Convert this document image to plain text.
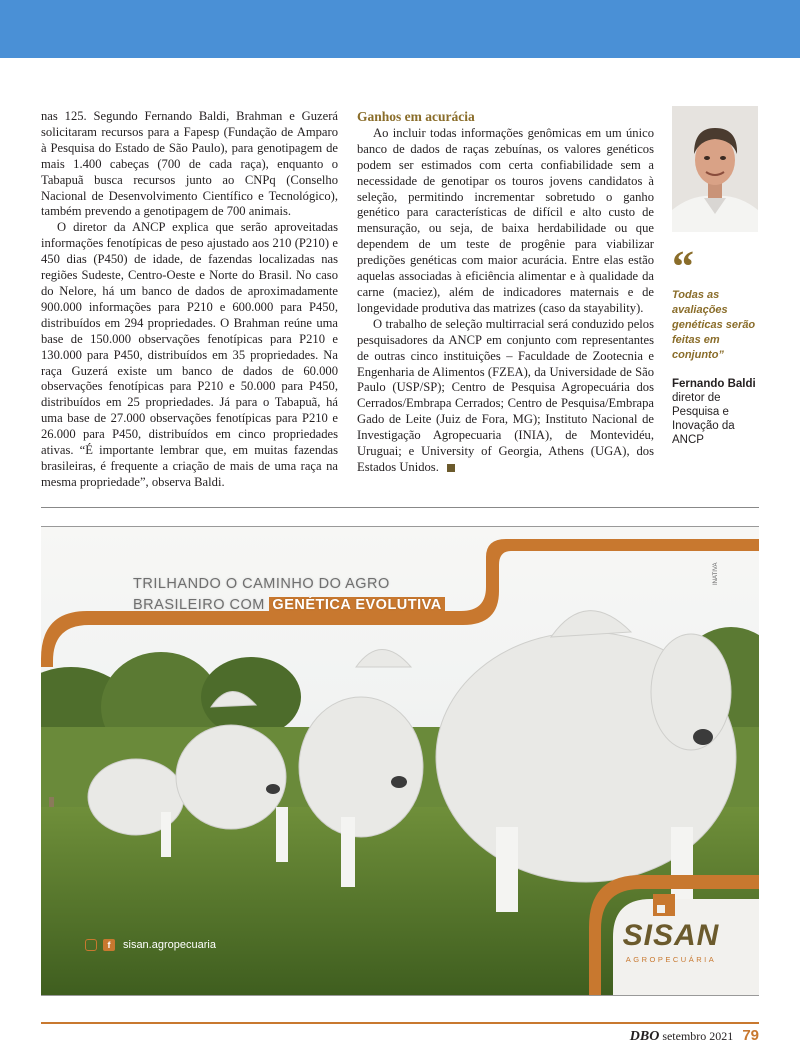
nas 125. Segundo Fernando Baldi, Brahman e Guzerá solicitaram recursos para a Fapesp (Fundação de Amparo à Pesquisa do Estado de São Paulo), para genotipagem de mais 1.400 cabeças (700 de cada raça), enquanto o Tabapuã busca recursos junto ao CNPq (Conselho Nacional de Desenvolvimento Científico e Tecnológico), também prevendo a genotipagem de 700 animais.

O diretor da ANCP explica que serão aproveitadas informações fenotípicas de peso ajustado aos 210 (P210) e 450 dias (P450) de idade, de fazendas localizadas nas regiões Sudeste, Centro-Oeste e Norte do Brasil. No caso do Nelore, há um banco de dados de aproximadamente 900.000 informações para P210 e 600.000 para P450, distribuídos em 294 propriedades. O Brahman reúne uma base de 150.000 observações fenotípicas para P210 e 130.000 para P450, distribuídos em 35 propriedades. Na raça Guzerá existe um banco de dados de 60.000 observações fenotípicas para P210 e 50.000 para P450, distribuídos em 25 propriedades. Já para o Tabapuã, há uma base de 27.000 observações fenotípicas para P210 e 26.000 para P450, distribuídos em cinco propriedades ativas. “É importante lembrar que, em muitas fazendas brasileiras, é frequente a criação de mais de uma raça na mesma propriedade”, observa Baldi.

Ganhos em acurácia

Ao incluir todas informações genômicas em um único banco de dados de raças zebuínas, os valores genéticos podem ser estimados com certa confiabilidade sem a necessidade de genotipar os touros jovens candidatos à seleção, permitindo incrementar sobretudo o ganho genético para características de difícil e alto custo de mensuração, ou seja, de baixa herdabilidade ou que dependem de um teste de progênie para viabilizar predições genéticas com maior acurácia. Entre elas estão aquelas associadas à eficiência alimentar e à qualidade da carne (maciez), além de indicadores maternais e de longevidade produtiva das matrizes (caso da stayability).

O trabalho de seleção multirracial será conduzido pelos pesquisadores da ANCP em conjunto com representantes de outras cinco instituições – Faculdade de Zootecnia e Engenharia de Alimentos (FZEA), da Universidade de São Paulo (USP/SP); Centro de Pesquisa Agropecuária dos Cerrados/Embrapa Cerrados; Centro de Pesquisa/Embrapa Gado de Leite (Juiz de Fora, MG); Instituto Nacional de Investigação Agropecuaria (INIA), de Montevidéu, Uruguai; e University of Georgia, Athens (UGA), dos Estados Unidos.

“
Todas as avaliações genéticas serão feitas em conjunto”
Fernando Baldi
diretor de Pesquisa e Inovação da ANCP
TRILHANDO O CAMINHO DO AGRO
BRASILEIRO COM GENÉTICA EVOLUTIVA
INATIVA
f	sisan.agropecuaria	SISAN
AGROPECUÁRIA
DBO setembro 2021 79
